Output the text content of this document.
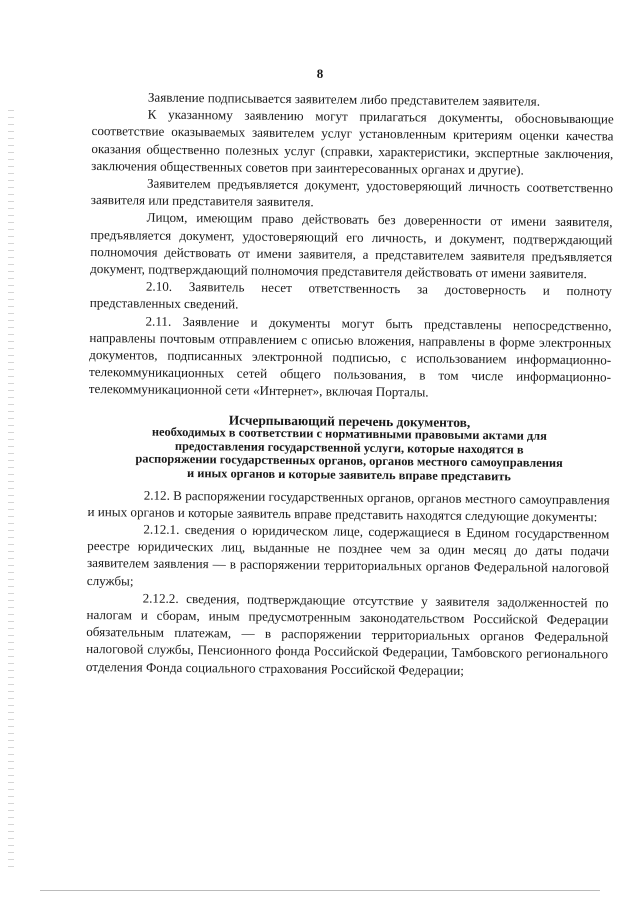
8

Заявление подписывается заявителем либо представителем заявителя.

К указанному заявлению могут прилагаться документы, обосновывающие соответствие оказываемых заявителем услуг установленным критериям оценки качества оказания общественно полезных услуг (справки, характеристики, экспертные заключения, заключения общественных советов при заинтересованных органах и другие).

Заявителем предъявляется документ, удостоверяющий личность соответственно заявителя или представителя заявителя.

Лицом, имеющим право действовать без доверенности от имени заявителя, предъявляется документ, удостоверяющий его личность, и документ, подтверждающий полномочия действовать от имени заявителя, а представителем заявителя предъявляется документ, подтверждающий полномочия представителя действовать от имени заявителя.

2.10. Заявитель несет ответственность за достоверность и полноту представленных сведений.

2.11. Заявление и документы могут быть представлены непосредственно, направлены почтовым отправлением с описью вложения, направлены в форме электронных документов, подписанных электронной подписью, с использованием информационно-телекоммуникационных сетей общего пользования, в том числе информационно-телекоммуникационной сети «Интернет», включая Порталы.

Исчерпывающий перечень документов,
необходимых в соответствии с нормативными правовыми актами для
предоставления государственной услуги, которые находятся в
распоряжении государственных органов, органов местного самоуправления
и иных органов и которые заявитель вправе представить

2.12. В распоряжении государственных органов, органов местного самоуправления и иных органов и которые заявитель вправе представить находятся следующие документы:

2.12.1. сведения о юридическом лице, содержащиеся в Едином государственном реестре юридических лиц, выданные не позднее чем за один месяц до даты подачи заявителем заявления — в распоряжении территориальных органов Федеральной налоговой службы;

2.12.2. сведения, подтверждающие отсутствие у заявителя задолженностей по налогам и сборам, иным предусмотренным законодательством Российской Федерации обязательным платежам, — в распоряжении территориальных органов Федеральной налоговой службы, Пенсионного фонда Российской Федерации, Тамбовского регионального отделения Фонда социального страхования Российской Федерации;
